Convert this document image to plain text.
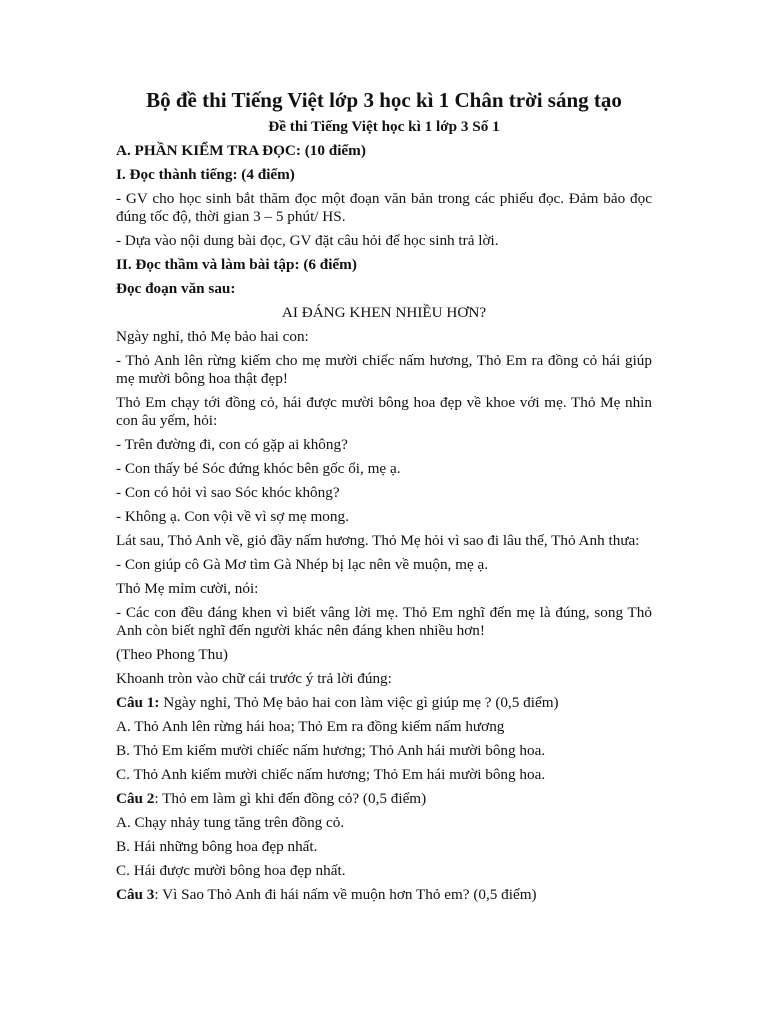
Bộ đề thi Tiếng Việt lớp 3 học kì 1 Chân trời sáng tạo

Đề thi Tiếng Việt học kì 1 lớp 3 Số 1

A. PHẦN KIỂM TRA ĐỌC: (10 điểm)

I. Đọc thành tiếng: (4 điểm)

- GV cho học sinh bắt thăm đọc một đoạn văn bản trong các phiếu đọc. Đảm bảo đọc đúng tốc độ, thời gian 3 – 5 phút/ HS.

- Dựa vào nội dung bài đọc, GV đặt câu hỏi để học sinh trả lời.

II. Đọc thầm và làm bài tập: (6 điểm)

Đọc đoạn văn sau:

AI ĐÁNG KHEN NHIỀU HƠN?

Ngày nghỉ, thỏ Mẹ bảo hai con:

- Thỏ Anh lên rừng kiếm cho mẹ mười chiếc nấm hương, Thỏ Em ra đồng cỏ hái giúp mẹ mười bông hoa thật đẹp!

Thỏ Em chạy tới đồng cỏ, hái được mười bông hoa đẹp về khoe với mẹ. Thỏ Mẹ nhìn con âu yếm, hỏi:

- Trên đường đi, con có gặp ai không?

- Con thấy bé Sóc đứng khóc bên gốc ổi, mẹ ạ.

- Con có hỏi vì sao Sóc khóc không?

- Không ạ. Con vội về vì sợ mẹ mong.

Lát sau, Thỏ Anh về, giỏ đầy nấm hương. Thỏ Mẹ hỏi vì sao đi lâu thế, Thỏ Anh thưa:

- Con giúp cô Gà Mơ tìm Gà Nhép bị lạc nên về muộn, mẹ ạ.

Thỏ Mẹ mỉm cười, nói:

- Các con đều đáng khen vì biết vâng lời mẹ. Thỏ Em nghĩ đến mẹ là đúng, song Thỏ Anh còn biết nghĩ đến người khác nên đáng khen nhiều hơn!

(Theo Phong Thu)

Khoanh tròn vào chữ cái trước ý trả lời đúng:

Câu 1: Ngày nghỉ, Thỏ Mẹ bảo hai con làm việc gì giúp mẹ ? (0,5 điểm)

A. Thỏ Anh lên rừng hái hoa; Thỏ Em ra đồng kiếm nấm hương

B. Thỏ Em kiếm mười chiếc nấm hương; Thỏ Anh hái mười bông hoa.

C. Thỏ Anh kiếm mười chiếc nấm hương; Thỏ Em hái mười bông hoa.

Câu 2: Thỏ em làm gì khi đến đồng cỏ? (0,5 điểm)

A. Chạy nhảy tung tăng trên đồng cỏ.

B. Hái những bông hoa đẹp nhất.

C. Hái được mười bông hoa đẹp nhất.

Câu 3: Vì Sao Thỏ Anh đi hái nấm về muộn hơn Thỏ em? (0,5 điểm)
